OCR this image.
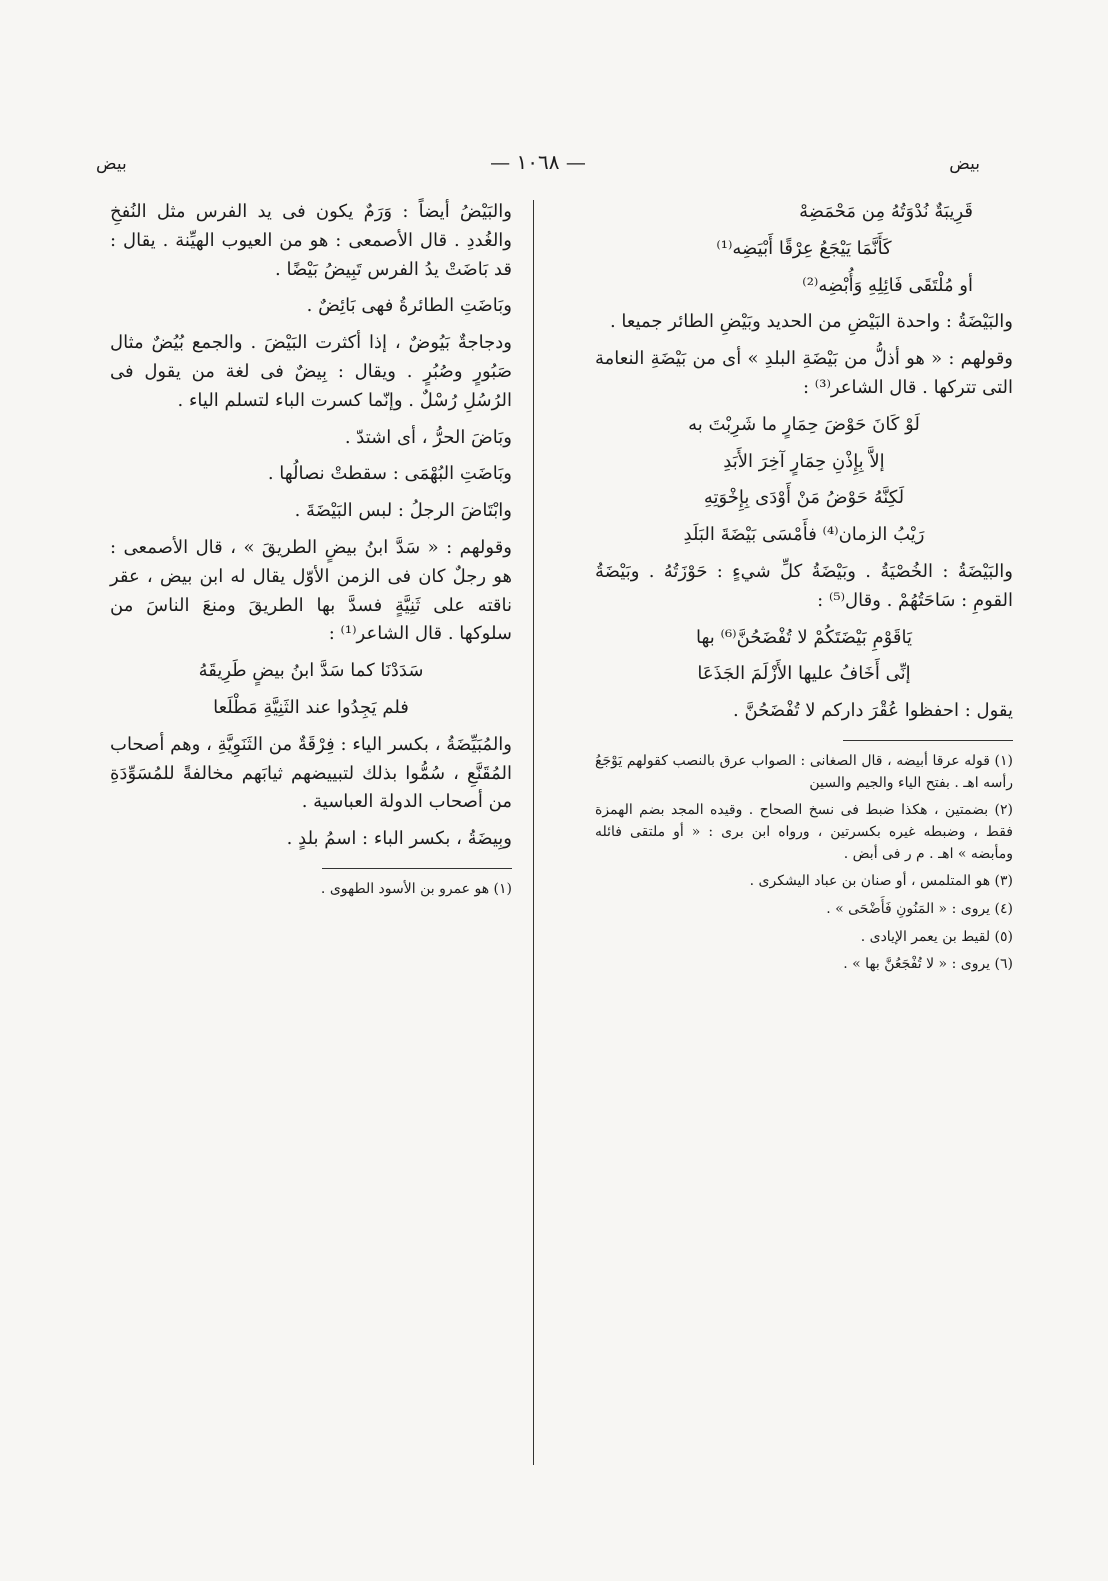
بيض	— ١٠٦٨ —	بيض

قَرِيبَةٌ نُدْوَتُهُ مِن مَحْمَضِهْ

كَأَنَّمَا يَيْجَعُ عِرْقًا أَبْيَضِه⁽¹⁾

أو مُلْتَقَى فَائِلِهِ وَأُبْضِه⁽²⁾

والبَيْضَةُ : واحدة البَيْضِ من الحديد وبَيْضِ الطائر جميعا .

وقولهم : « هو أذلُّ من بَيْضَةِ البلدِ » أى من بَيْضَةِ النعامة التى تتركها . قال الشاعر⁽³⁾ :

لَوْ كَانَ حَوْضَ حِمَارٍ ما شَرِبْتَ به

إلاَّ بِإِذْنِ حِمَارٍ آخِرَ الأَبَدِ

لَكِنَّهُ حَوْضُ مَنْ أَوْدَى بِإِخْوَتِهِ

رَيْبُ الزمان⁽⁴⁾ فأَمْسَى بَيْضَةَ البَلَدِ

والبَيْضَةُ : الخُصْيَةُ . وبَيْضَةُ كلِّ شيءٍ : حَوْزَتُهُ . وبَيْضَةُ القومِ : سَاحَتُهُمْ . وقال⁽⁵⁾ :

يَاقَوْمِ بَيْضَتَكُمْ لا تُفْضَحُنَّ⁽⁶⁾ بها

إنِّى أَخَافُ عليها الأَزْلَمَ الجَذَعَا

يقول : احفظوا عُقْرَ داركم لا تُفْضَحُنَّ .

(١) قوله عرقا أبيضه ، قال الصغانى : الصواب عرق بالنصب كقولهم يَوْجَعُ رأسه اهـ . بفتح الياء والجيم والسين

(٢) بضمتين ، هكذا ضبط فى نسخ الصحاح . وقيده المجد بضم الهمزة فقط ، وضبطه غيره بكسرتين ، ورواه ابن برى : « أو ملتقى فائله ومأبضه » اهـ . م ر فى أبض .

(٣) هو المتلمس ، أو صنان بن عباد اليشكرى .

(٤) يروى : « المَنُونِ فَأَضْحَى » .

(٥) لقيط بن يعمر الإيادى .

(٦) يروى : « لا تُفْجَعُنَّ بها » .

والبَيْضُ أيضاً : وَرَمٌ يكون فى يد الفرس مثل النُفخِ والغُددِ . قال الأصمعى : هو من العيوب الهيِّنة . يقال : قد بَاضَتْ يدُ الفرس تَبِيضُ بَيْضًا .

وبَاضَتِ الطائرةُ فهى بَائِضٌ .

ودجاجةٌ بَيُوضٌ ، إذا أكثرت البَيْضَ . والجمع بُيُضٌ مثال صَبُورٍ وصُبُرٍ . ويقال : بِيضٌ فى لغة من يقول فى الرُسُلِ رُسْلٌ . وإنّما كسرت الباء لتسلم الياء .

وبَاضَ الحرُّ ، أى اشتدّ .

وبَاضَتِ البُهْمَى : سقطتْ نصالُها .

وابْتَاضَ الرجلُ : لبس البَيْضَةَ .

وقولهم : « سَدَّ ابنُ بيضٍ الطريقَ » ، قال الأصمعى : هو رجلٌ كان فى الزمن الأوّل يقال له ابن بيض ، عقر ناقته على ثَنِيَّةٍ فسدَّ بها الطريقَ ومنعَ الناسَ من سلوكها . قال الشاعر⁽¹⁾ :

سَدَدْنَا كما سَدَّ ابنُ بيضٍ طَرِيقَهُ

فلم يَجِدُوا عند الثَنِيَّةِ مَطْلَعا

والمُبَيِّضَةُ ، بكسر الياء : فِرْقَةٌ من الثَنَوِيَّةِ ، وهم أصحاب المُقَنَّعِ ، سُمُّوا بذلك لتبييضهم ثيابَهم مخالفةً للمُسَوِّدَةِ من أصحاب الدولة العباسية .

وبِيضَةُ ، بكسر الباء : اسمُ بلدٍ .

(١) هو عمرو بن الأسود الطهوى .
